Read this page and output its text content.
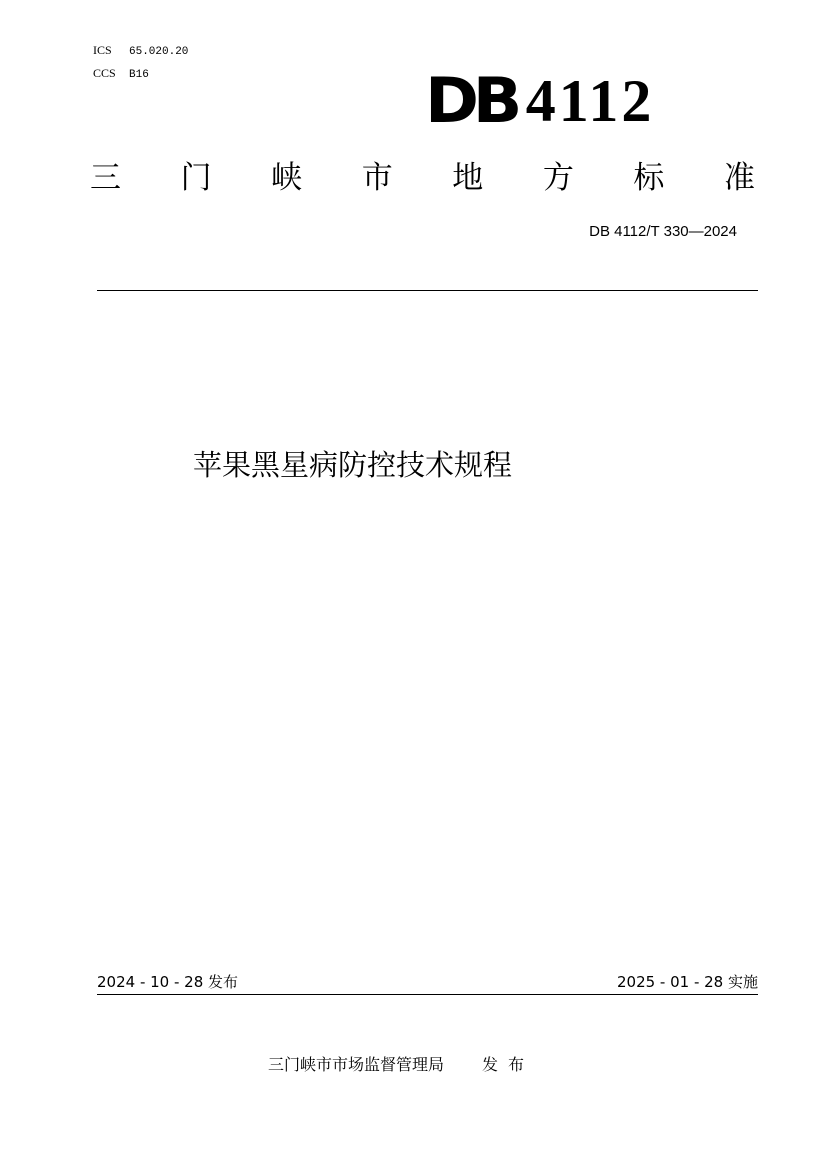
ICS 65.020.20
CCS B16	DB 4112
三 门 峡 市 地 方 标 准
DB 4112/T 330—2024
苹果黑星病防控技术规程
2024 - 10 - 28 发布	2025 - 01 - 28 实施
三门峡市市场监督管理局 发布
